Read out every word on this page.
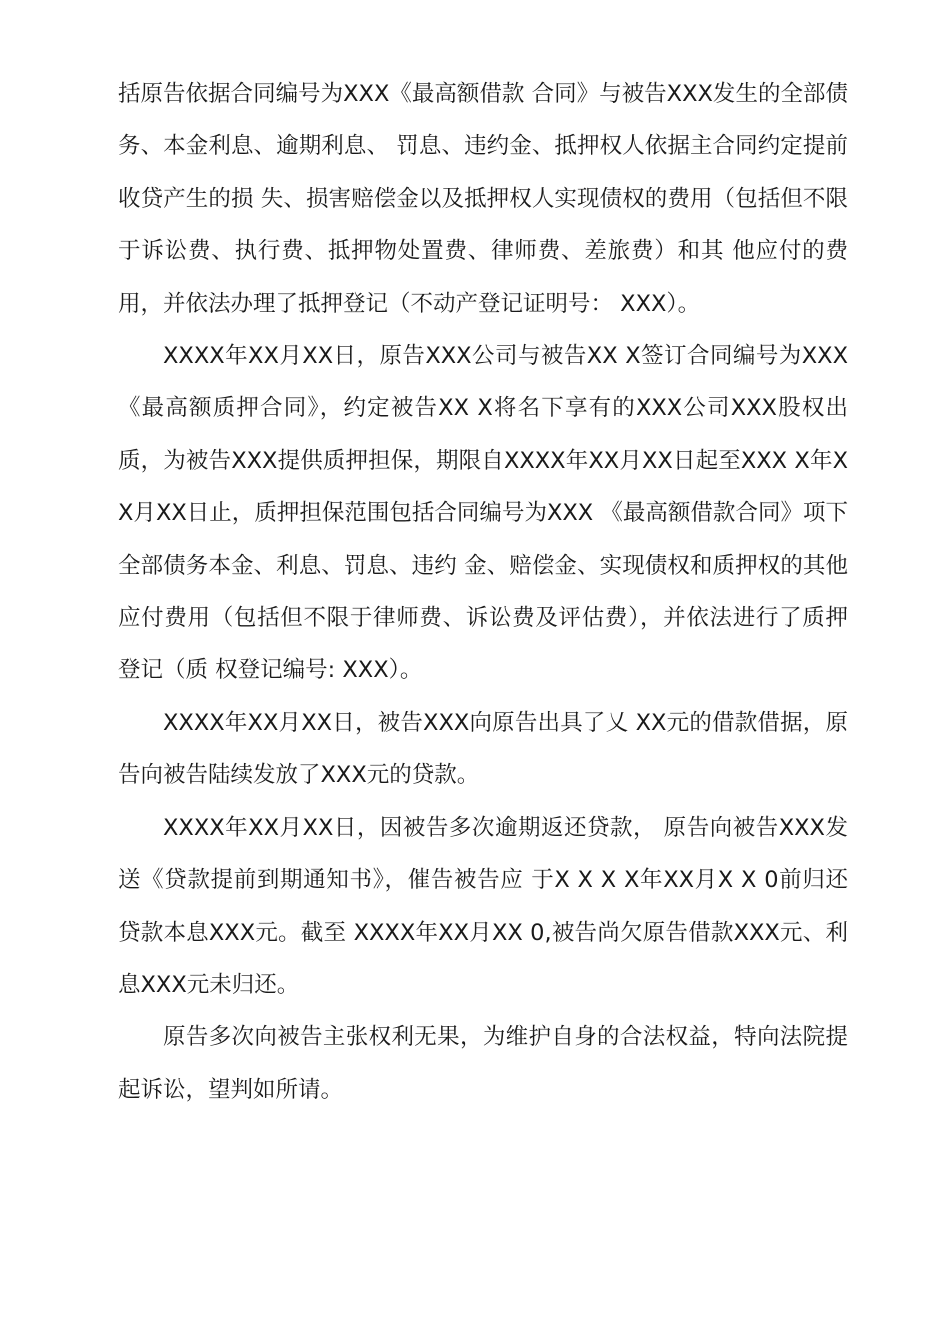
括原告依据合同编号为XXX《最高额借款 合同》与被告XXX发生的全部债务、本金利息、逾期利息、 罚息、违约金、抵押权人依据主合同约定提前收贷产生的损 失、损害赔偿金以及抵押权人实现债权的费用（包括但不限 于诉讼费、执行费、抵押物处置费、律师费、差旅费）和其 他应付的费用，并依法办理了抵押登记（不动产登记证明号： XXX）。

XXXX年XX月XX日，原告XXX公司与被告XX X签订合同编号为XXX《最高额质押合同》，约定被告XX X将名下享有的XXX公司XXX股权出质，为被告XXX提供质押担保，期限自XXXX年XX月XX日起至XXX X年XX月XX日止，质押担保范围包括合同编号为XXX 《最高额借款合同》项下全部债务本金、利息、罚息、违约 金、赔偿金、实现债权和质押权的其他应付费用（包括但不限于律师费、诉讼费及评估费），并依法进行了质押登记（质 权登记编号: XXX）。

XXXX年XX月XX日，被告XXX向原告出具了乂 XX元的借款借据，原告向被告陆续发放了XXX元的贷款。

XXXX年XX月XX日，因被告多次逾期返还贷款， 原告向被告XXX发送《贷款提前到期通知书》，催告被告应 于X X X X年XX月X X 0前归还贷款本息XXX元。截至 XXXX年XX月XX 0,被告尚欠原告借款XXX元、利 息XXX元未归还。

原告多次向被告主张权利无果，为维护自身的合法权益，特向法院提起诉讼，望判如所请。
